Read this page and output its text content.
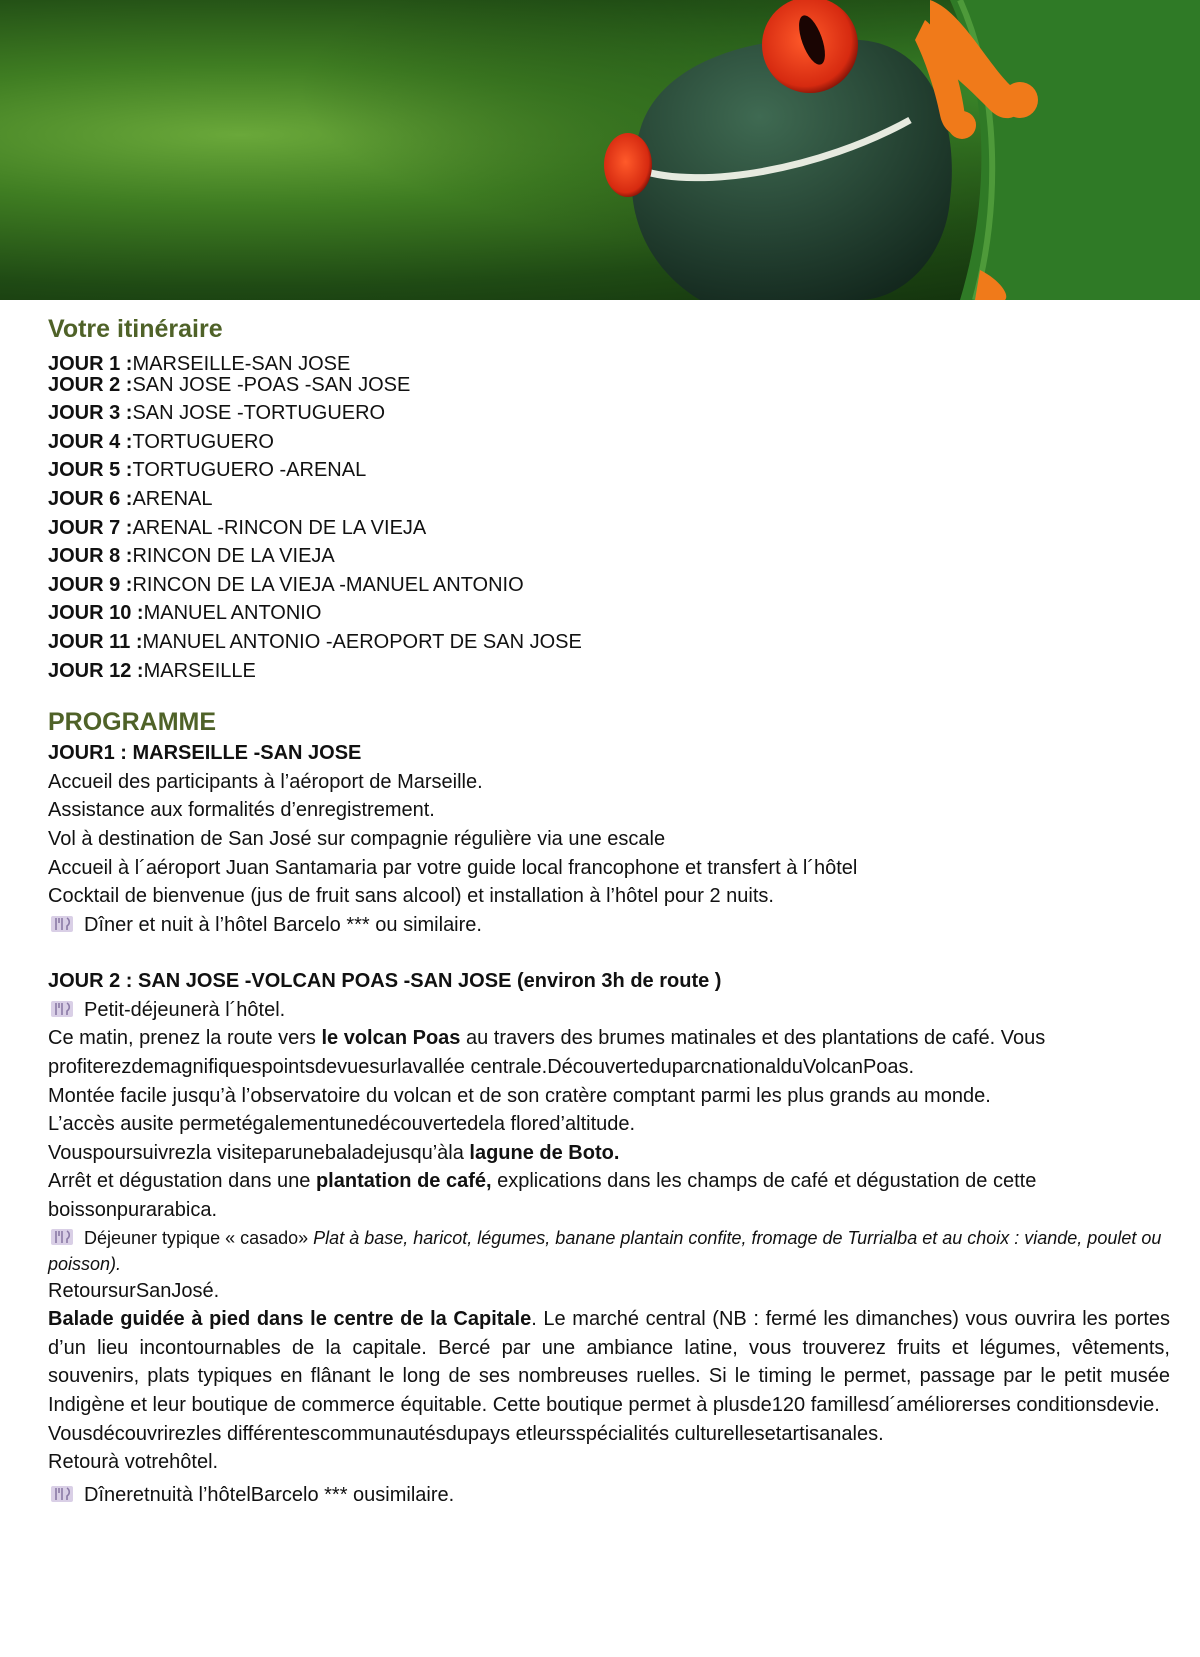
Votre itinéraire
JOUR 1 :MARSEILLE-SAN JOSE
JOUR 2 :SAN JOSE -POAS -SAN JOSE
JOUR 3 :SAN JOSE -TORTUGUERO
JOUR 4 :TORTUGUERO
JOUR 5 :TORTUGUERO -ARENAL
JOUR 6 :ARENAL
JOUR 7 :ARENAL -RINCON DE LA VIEJA
JOUR 8 :RINCON DE LA VIEJA
JOUR 9 :RINCON DE LA VIEJA -MANUEL ANTONIO
JOUR 10 :MANUEL ANTONIO
JOUR 11 :MANUEL ANTONIO -AEROPORT DE SAN JOSE
JOUR 12 :MARSEILLE
PROGRAMME

JOUR1 : MARSEILLE -SAN JOSE

Accueil des participants à l’aéroport de Marseille.

Assistance aux formalités d’enregistrement.

Vol à destination de San José sur compagnie régulière via une escale

Accueil à l´aéroport Juan Santamaria par votre guide local francophone et transfert à l´hôtel

Cocktail de bienvenue (jus de fruit sans alcool) et installation à l’hôtel pour 2 nuits.

Dîner et nuit à l’hôtel Barcelo *** ou similaire.

JOUR 2 : SAN JOSE -VOLCAN POAS -SAN JOSE (environ 3h de route )

Petit-déjeunerà l´hôtel.

Ce matin, prenez la route vers le volcan Poas au travers des brumes matinales et des plantations de café. Vous profiterezdemagnifiquespointsdevuesurlavallée centrale.DécouverteduparcnationalduVolcanPoas.

Montée facile jusqu’à l’observatoire du volcan et de son cratère comptant parmi les plus grands au monde.

L’accès ausite permetégalementunedécouvertedela flored’altitude.

Vouspoursuivrezla visiteparunebaladejusqu’àla lagune de Boto.

Arrêt et dégustation dans une plantation de café, explications dans les champs de café et dégustation de cette boissonpurarabica.

Déjeuner typique « casado» Plat à base, haricot, légumes, banane plantain confite, fromage de Turrialba et au choix : viande, poulet ou poisson).

RetoursurSanJosé.

Balade guidée à pied dans le centre de la Capitale. Le marché central (NB : fermé les dimanches) vous ouvrira les portes d’un lieu incontournables de la capitale. Bercé par une ambiance latine, vous trouverez fruits et légumes, vêtements, souvenirs, plats typiques en flânant le long de ses nombreuses ruelles. Si le timing le permet, passage par le petit musée Indigène et leur boutique de commerce équitable. Cette boutique permet à plusde120 famillesd´améliorerses conditionsdevie.

Vousdécouvrirezles différentescommunautésdupays etleursspécialités culturellesetartisanales.

Retourà votrehôtel.

Dîneretnuità l’hôtelBarcelo *** ousimilaire.
